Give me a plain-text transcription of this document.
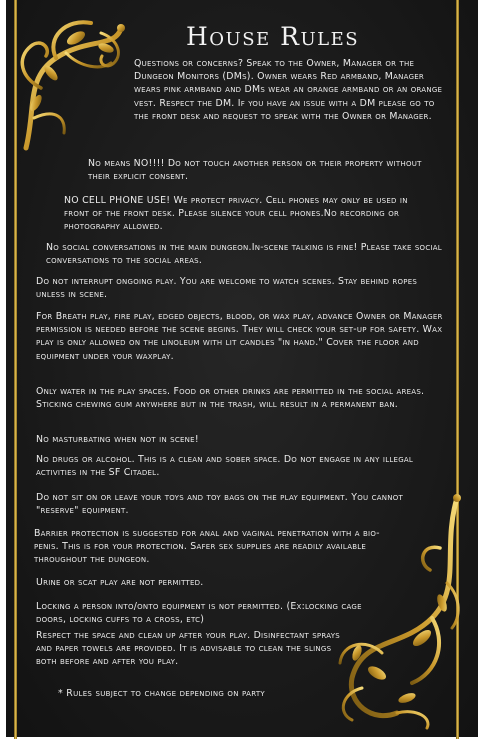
House Rules
Questions or concerns? Speak to the Owner, Manager or the Dungeon Monitors (DMs). Owner wears Red armband, Manager wears pink armband and DMs wear an orange armband or an orange vest. Respect the DM. If you have an issue with a DM please go to the front desk and request to speak with the Owner or Manager.
No means NO!!!! Do not touch another person or their property without their explicit consent.
NO CELL PHONE USE! We protect privacy. Cell phones may only be used in front of the front desk. Please silence your cell phones.No recording or photography allowed.
No social conversations in the main dungeon.In-scene talking is fine! Please take social conversations to the social areas.
Do not interrupt ongoing play. You are welcome to watch scenes. Stay behind ropes unless in scene.
For Breath play, fire play, edged objects, blood, or wax play, advance Owner or Manager permission is needed before the scene begins. They will check your set-up for safety. Wax play is only allowed on the linoleum with lit candles "in hand." Cover the floor and equipment under your waxplay.
Only water in the play spaces. Food or other drinks are permitted in the social areas. Sticking chewing gum anywhere but in the trash, will result in a permanent ban.
No masturbating when not in scene!
No drugs or alcohol. This is a clean and sober space. Do not engage in any illegal activities in the SF Citadel.
Do not sit on or leave your toys and toy bags on the play equipment. You cannot "reserve" equipment.
Barrier protection is suggested for anal and vaginal penetration with a bio-penis. This is for your protection. Safer sex supplies are readily available throughout the dungeon.
Urine or scat play are not permitted.
Locking a person into/onto equipment is not permitted. (Ex:locking cage doors, locking cuffs to a cross, etc)
Respect the space and clean up after your play. Disinfectant sprays and paper towels are provided. It is advisable to clean the slings both before and after you play.
* Rules subject to change depending on party
